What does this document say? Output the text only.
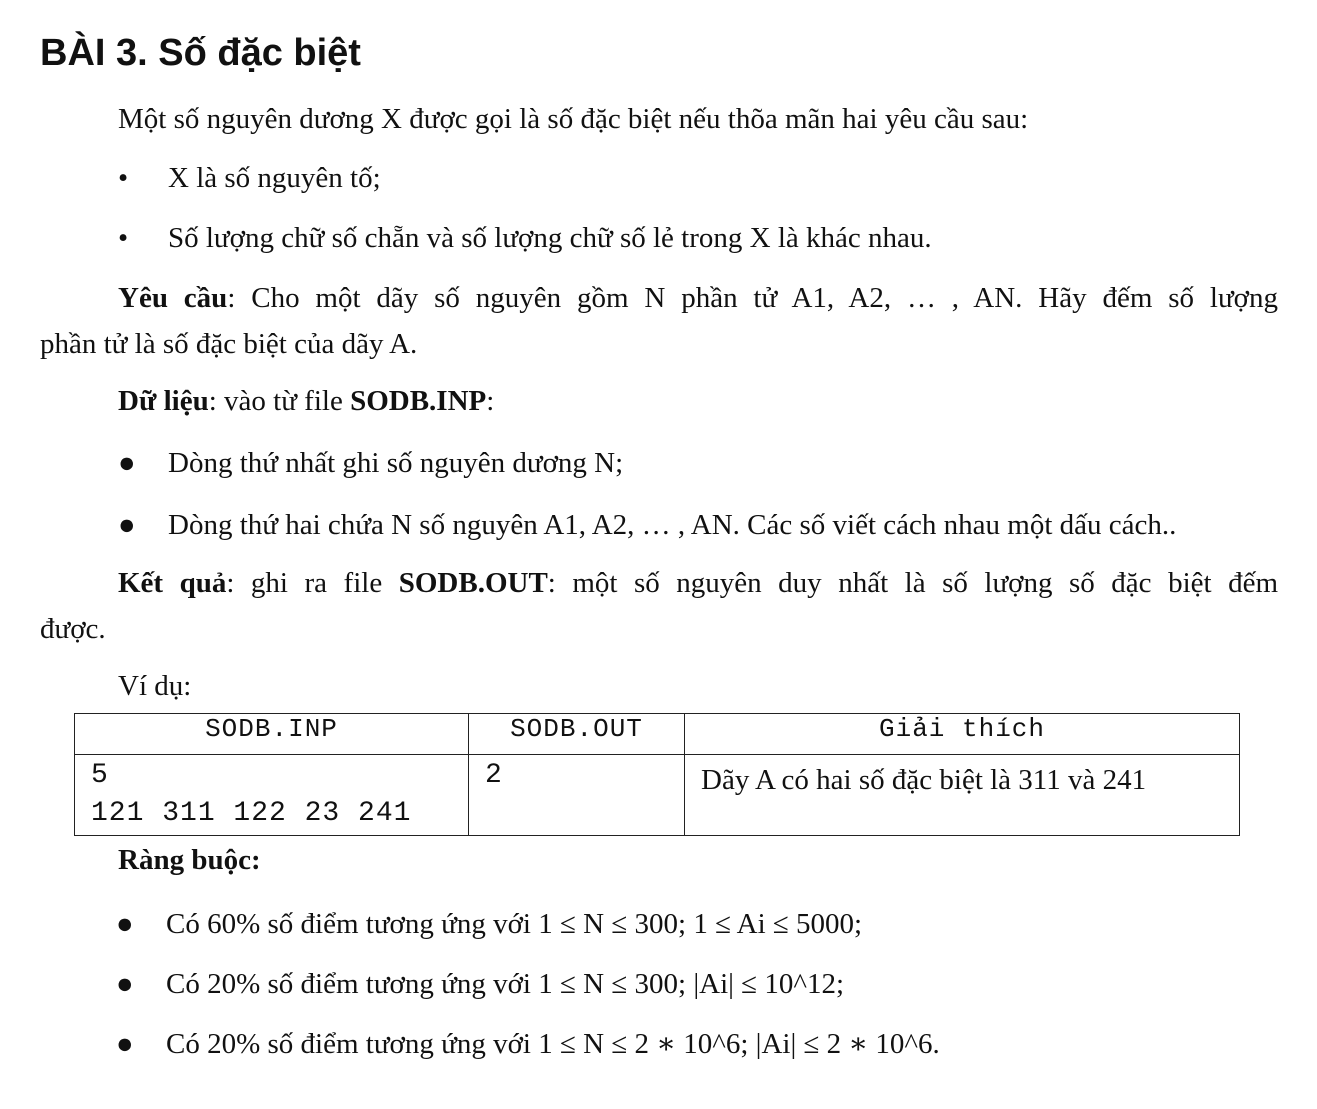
BÀI 3. Số đặc biệt
Một số nguyên dương X được gọi là số đặc biệt nếu thõa mãn hai yêu cầu sau:
• X là số nguyên tố;
• Số lượng chữ số chẵn và số lượng chữ số lẻ trong X là khác nhau.
Yêu cầu: Cho một dãy số nguyên gồm N phần tử A1, A2, … , AN. Hãy đếm số lượng
phần tử là số đặc biệt của dãy A.
Dữ liệu: vào từ file SODB.INP:
● Dòng thứ nhất ghi số nguyên dương N;
● Dòng thứ hai chứa N số nguyên A1, A2, … , AN. Các số viết cách nhau một dấu cách..
Kết quả: ghi ra file SODB.OUT: một số nguyên duy nhất là số lượng số đặc biệt đếm
được.
Ví dụ:
SODB.INP	SODB.OUT	Giải thích

5
121 311 122 23 241	2	Dãy A có hai số đặc biệt là 311 và 241
Ràng buộc:
● Có 60% số điểm tương ứng với 1 ≤ N ≤ 300; 1 ≤ Ai ≤ 5000;
● Có 20% số điểm tương ứng với 1 ≤ N ≤ 300; |Ai| ≤ 10^12;
● Có 20% số điểm tương ứng với 1 ≤ N ≤ 2 ∗ 10^6; |Ai| ≤ 2 ∗ 10^6.
